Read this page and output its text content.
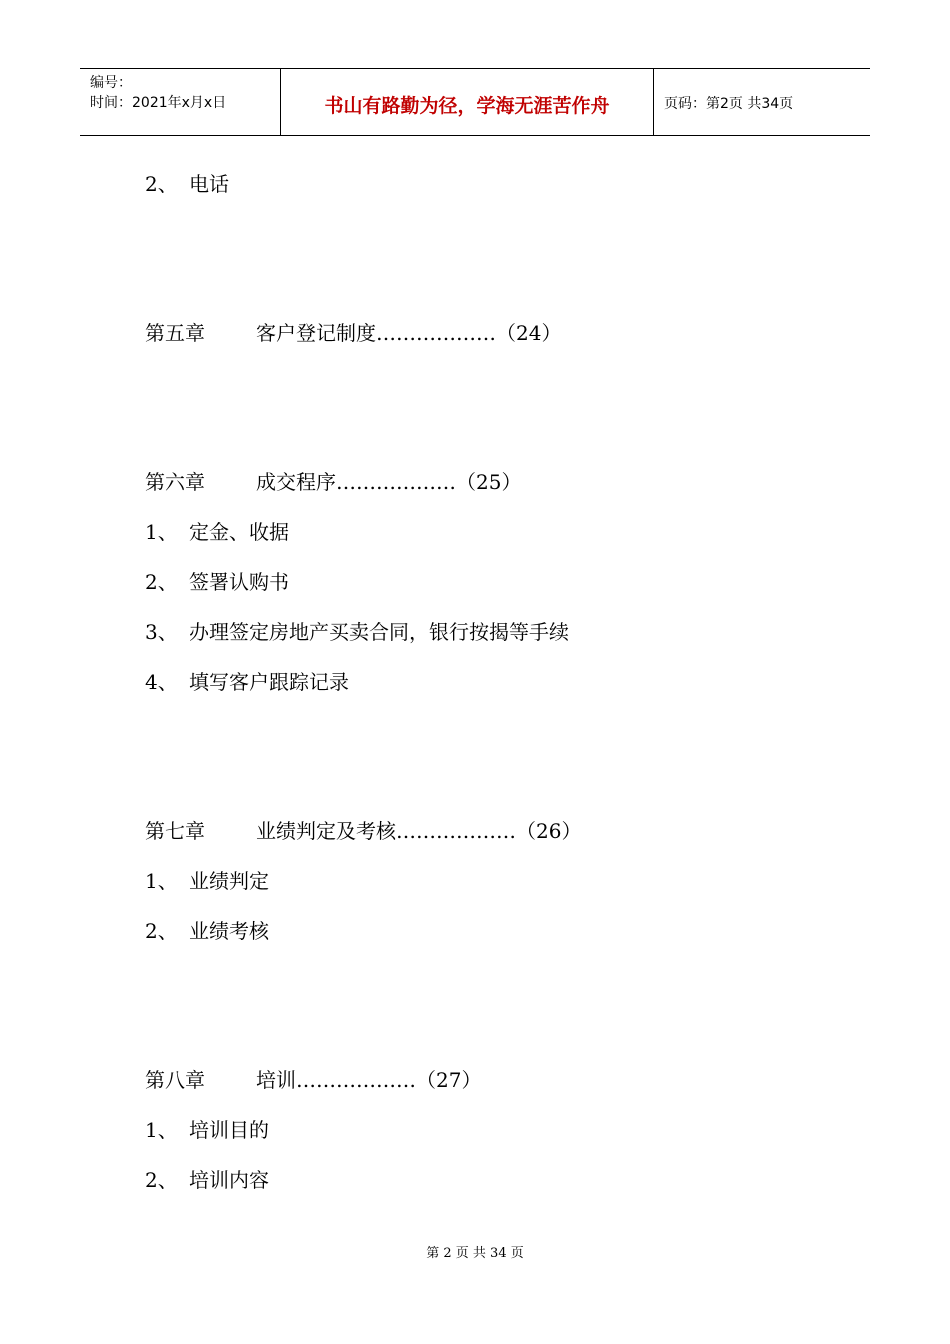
编号：
时间：2021年x月x日	书山有路勤为径，学海无涯苦作舟	页码：第2页 共34页
2、 电话
第五章	客户登记制度………………（24）
第六章	成交程序………………（25）
1、 定金、收据
2、 签署认购书
3、 办理签定房地产买卖合同，银行按揭等手续
4、 填写客户跟踪记录
第七章	业绩判定及考核………………（26）
1、 业绩判定
2、 业绩考核
第八章	培训………………（27）
1、 培训目的
2、 培训内容
第 2 页 共 34 页
